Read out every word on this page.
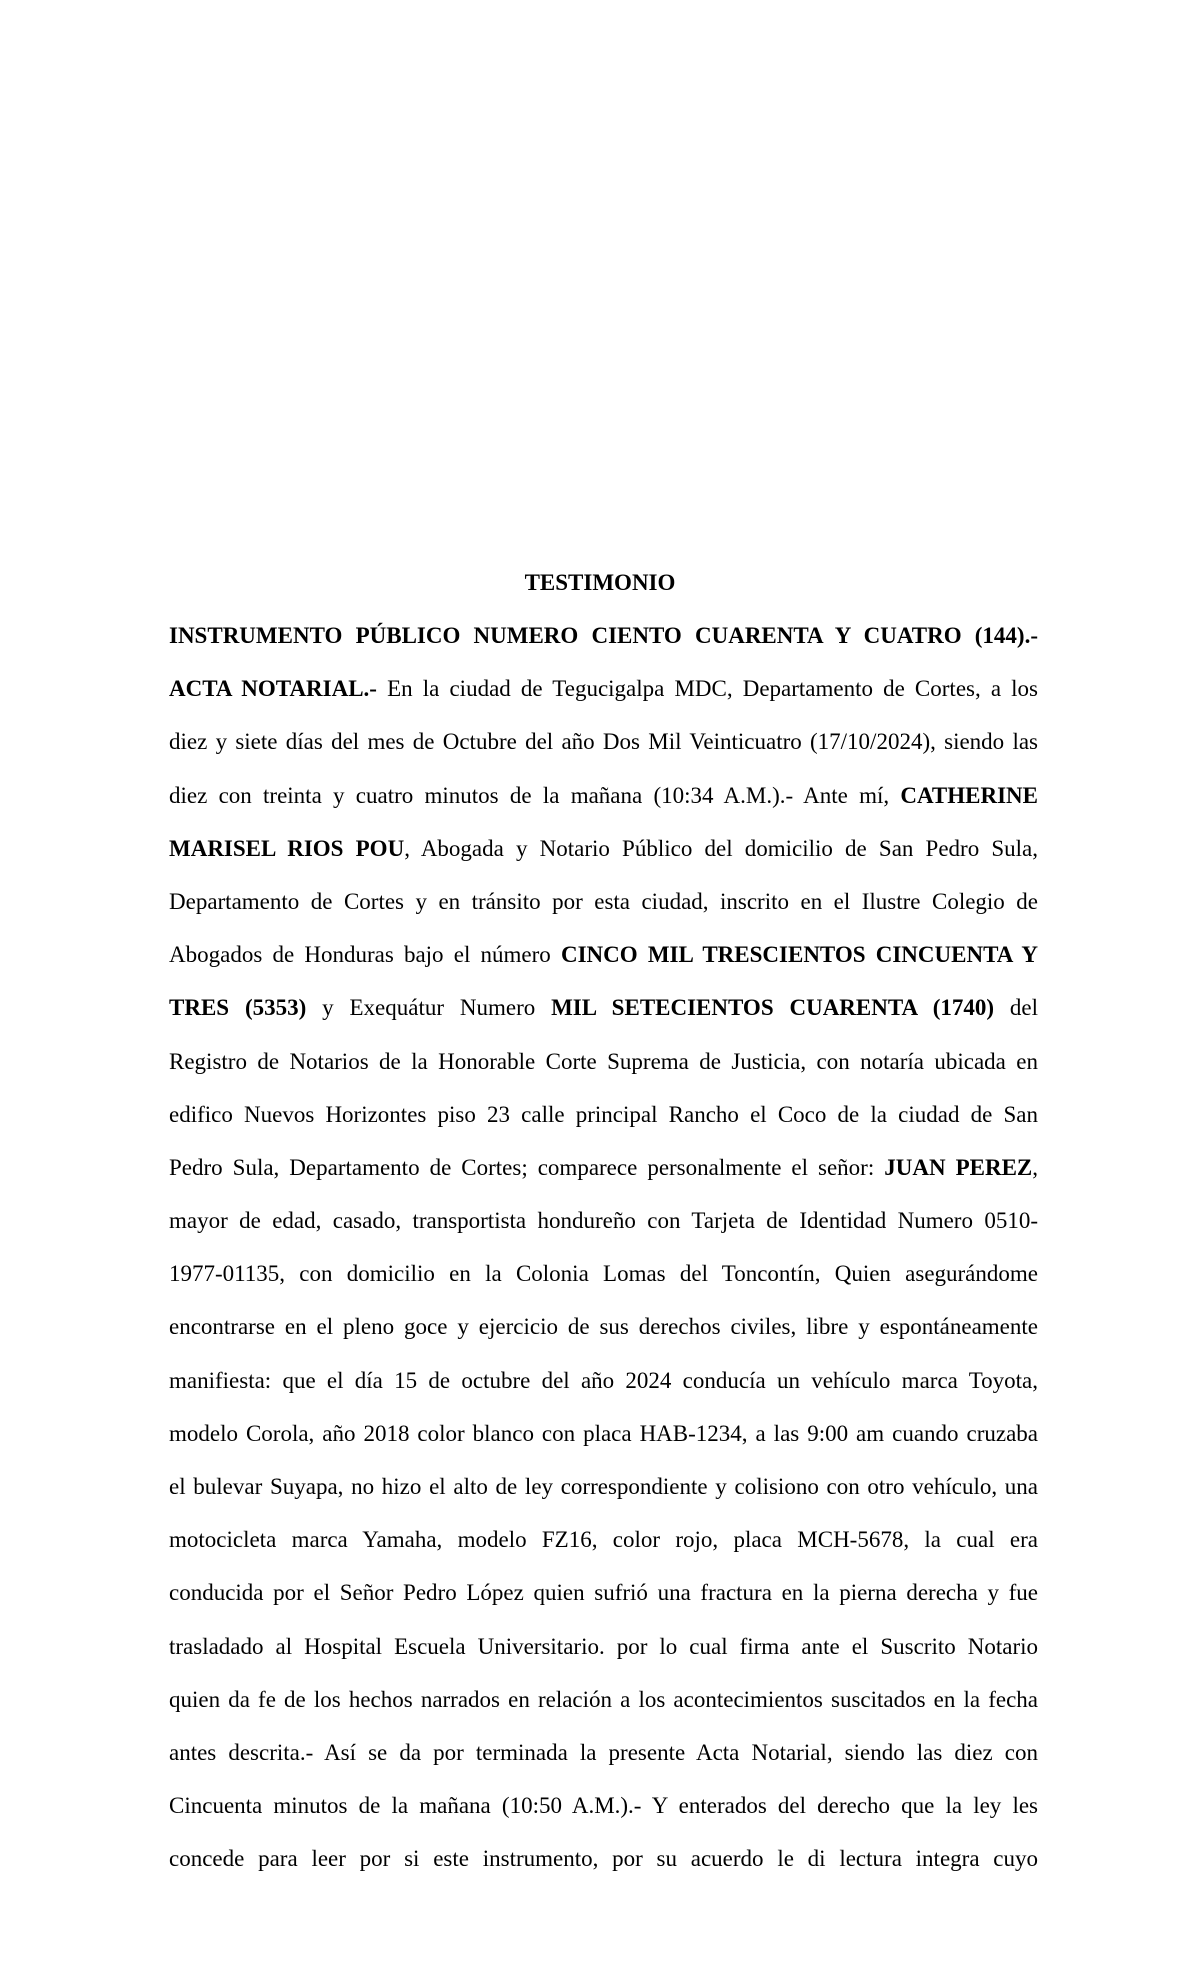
TESTIMONIO
INSTRUMENTO PÚBLICO NUMERO CIENTO CUARENTA Y CUATRO (144).-
ACTA NOTARIAL.- En la ciudad de Tegucigalpa MDC, Departamento de Cortes, a los
diez y siete días del mes de Octubre del año Dos Mil Veinticuatro (17/10/2024), siendo las
diez con treinta y cuatro minutos de la mañana (10:34 A.M.).- Ante mí, CATHERINE
MARISEL RIOS POU, Abogada y Notario Público del domicilio de San Pedro Sula,
Departamento de Cortes y en tránsito por esta ciudad, inscrito en el Ilustre Colegio de
Abogados de Honduras bajo el número CINCO MIL TRESCIENTOS CINCUENTA Y
TRES (5353) y Exequátur Numero MIL SETECIENTOS CUARENTA (1740) del
Registro de Notarios de la Honorable Corte Suprema de Justicia, con notaría ubicada en
edifico Nuevos Horizontes piso 23 calle principal Rancho el Coco de la ciudad de San
Pedro Sula, Departamento de Cortes; comparece personalmente el señor: JUAN PEREZ,
mayor de edad, casado, transportista hondureño con Tarjeta de Identidad Numero 0510-
1977-01135, con domicilio en la Colonia Lomas del Toncontín, Quien asegurándome
encontrarse en el pleno goce y ejercicio de sus derechos civiles, libre y espontáneamente
manifiesta: que el día 15 de octubre del año 2024 conducía un vehículo marca Toyota,
modelo Corola, año 2018 color blanco con placa HAB-1234, a las 9:00 am cuando cruzaba
el bulevar Suyapa, no hizo el alto de ley correspondiente y colisiono con otro vehículo, una
motocicleta marca Yamaha, modelo FZ16, color rojo, placa MCH-5678, la cual era
conducida por el Señor Pedro López quien sufrió una fractura en la pierna derecha y fue
trasladado al Hospital Escuela Universitario. por lo cual firma ante el Suscrito Notario
quien da fe de los hechos narrados en relación a los acontecimientos suscitados en la fecha
antes descrita.- Así se da por terminada la presente Acta Notarial, siendo las diez con
Cincuenta minutos de la mañana (10:50 A.M.).- Y enterados del derecho que la ley les
concede para leer por si este instrumento, por su acuerdo le di lectura integra cuyo
